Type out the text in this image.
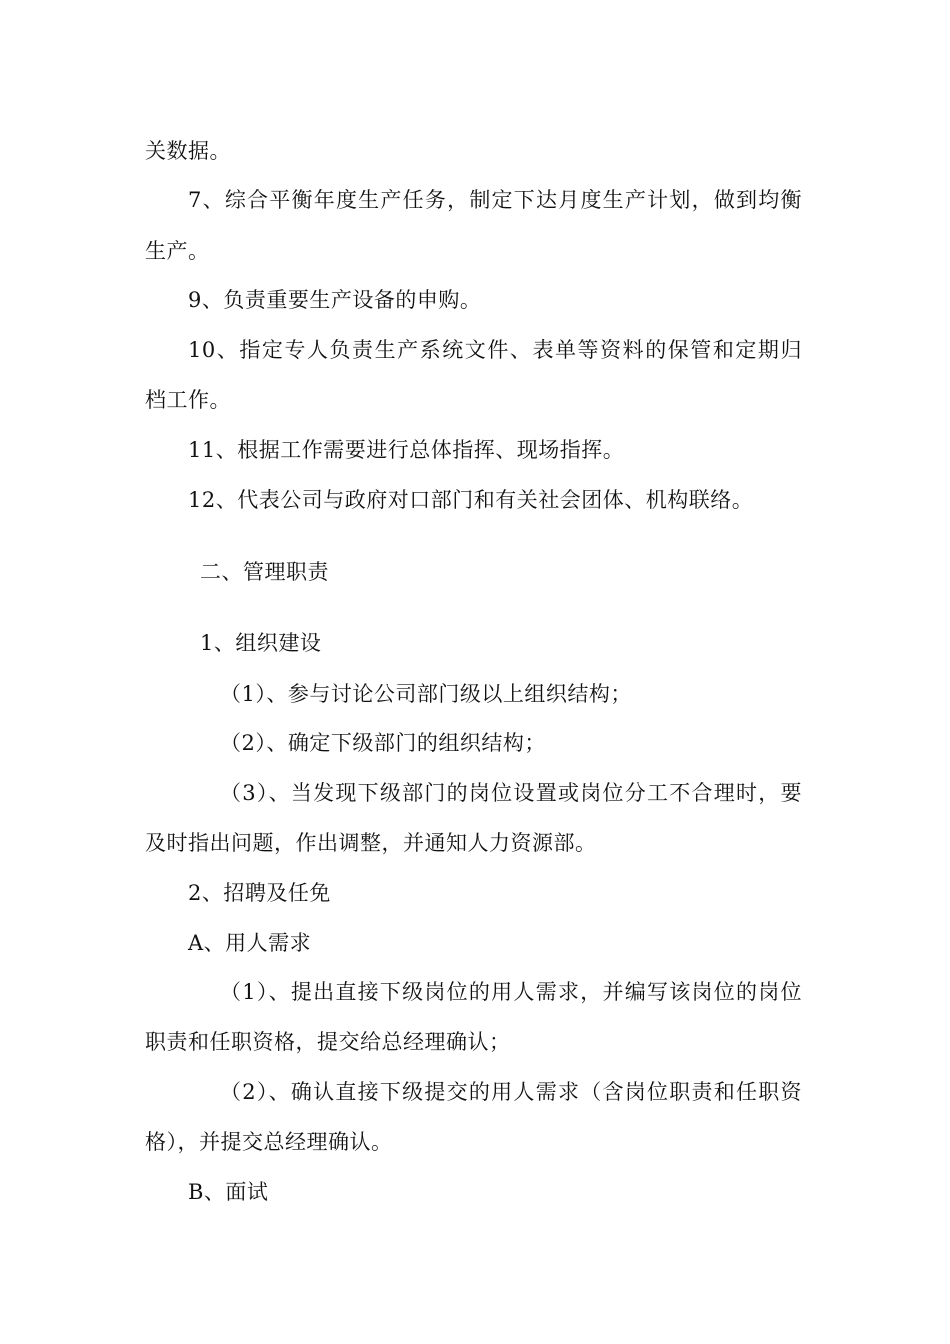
关数据。
7、综合平衡年度生产任务，制定下达月度生产计划，做到均衡
生产。
9、负责重要生产设备的申购。
10、指定专人负责生产系统文件、表单等资料的保管和定期归
档工作。
11、根据工作需要进行总体指挥、现场指挥。
12、代表公司与政府对口部门和有关社会团体、机构联络。
二、管理职责
1、组织建设
（1）、参与讨论公司部门级以上组织结构；
（2）、确定下级部门的组织结构；
（3）、当发现下级部门的岗位设置或岗位分工不合理时，要
及时指出问题，作出调整，并通知人力资源部。
2、招聘及任免
A、用人需求
（1）、提出直接下级岗位的用人需求，并编写该岗位的岗位
职责和任职资格，提交给总经理确认；
（2）、确认直接下级提交的用人需求（含岗位职责和任职资
格），并提交总经理确认。
B、面试
